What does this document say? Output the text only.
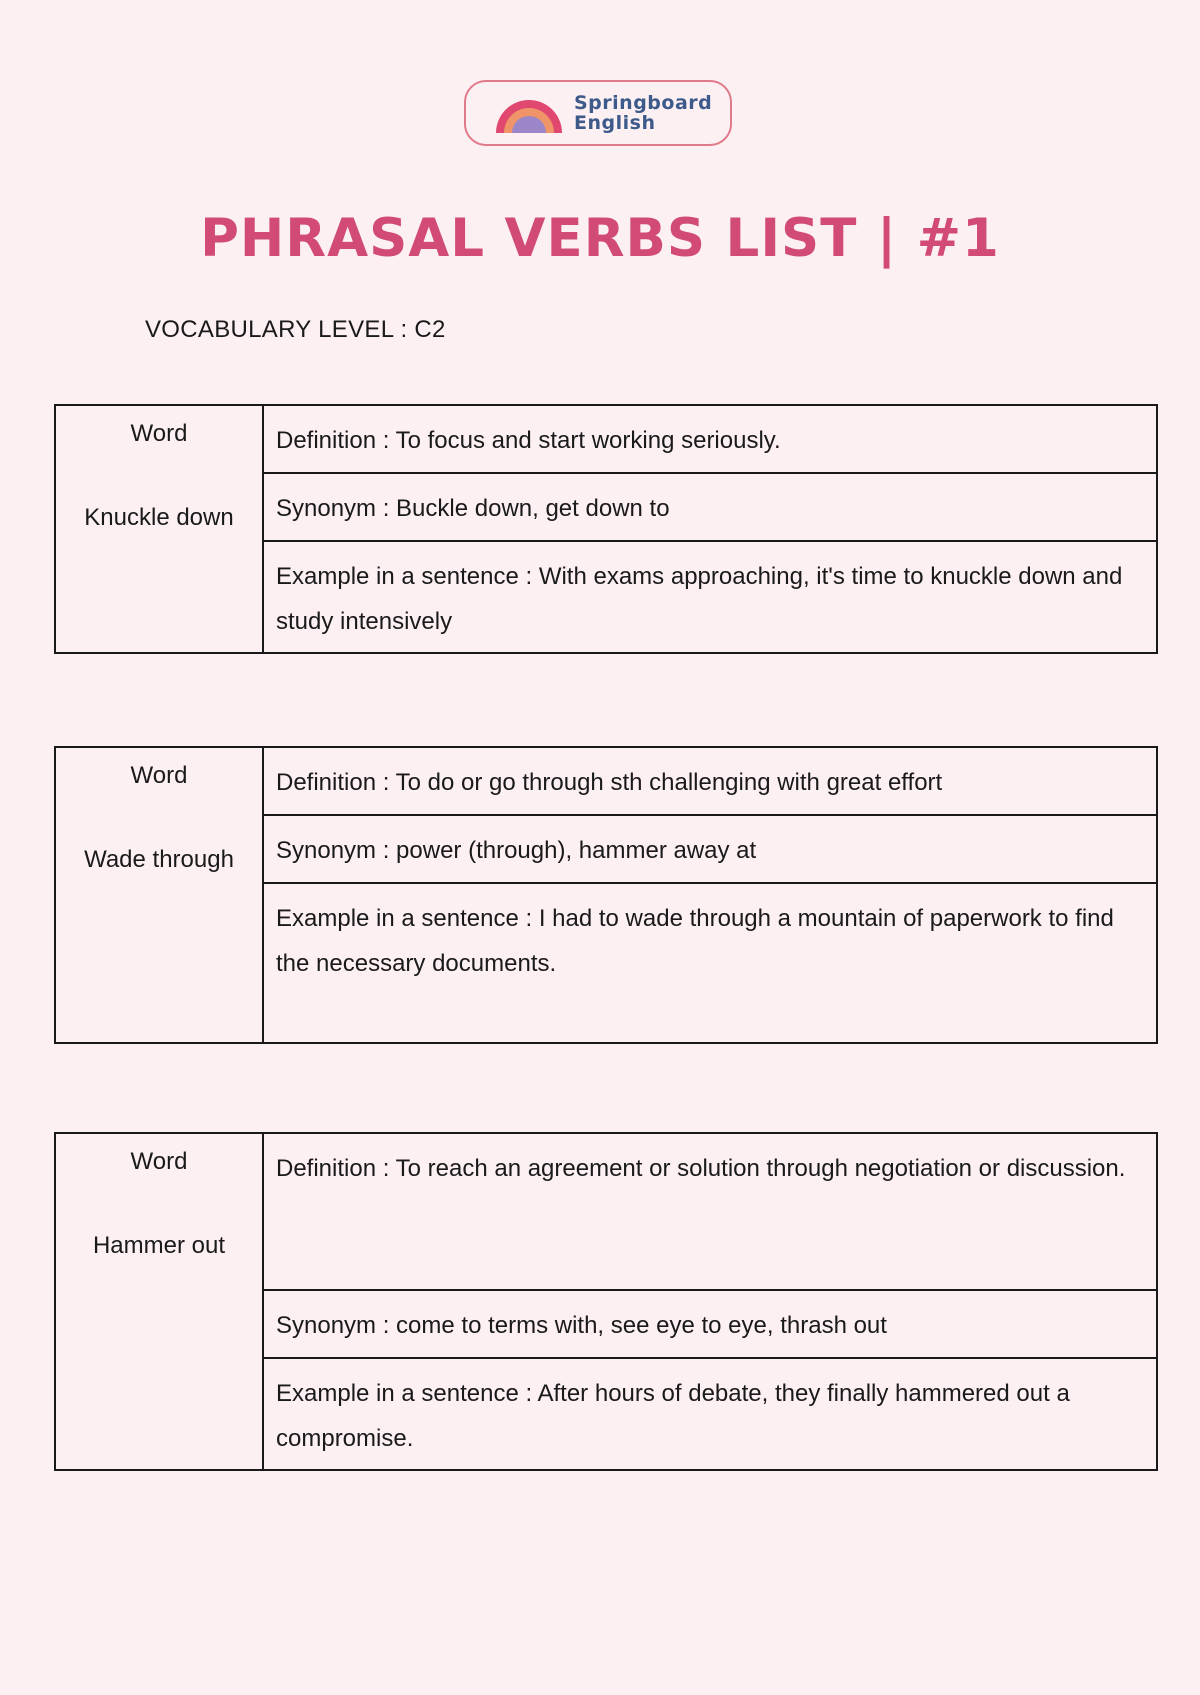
Springboard
English
PHRASAL VERBS LIST | #1
VOCABULARY LEVEL : C2
Word
Knuckle down

Definition : To focus and start working seriously.

Synonym : Buckle down, get down to

Example in a sentence : With exams approaching, it's time to knuckle down and study intensively
Word
Wade through

Definition : To do or go through sth challenging with great effort

Synonym : power (through), hammer away at

Example in a sentence : I had to wade through a mountain of paperwork to find the necessary documents.
Word
Hammer out

Definition : To reach an agreement or solution through negotiation or discussion.

Synonym : come to terms with, see eye to eye, thrash out

Example in a sentence : After hours of debate, they finally hammered out a compromise.
